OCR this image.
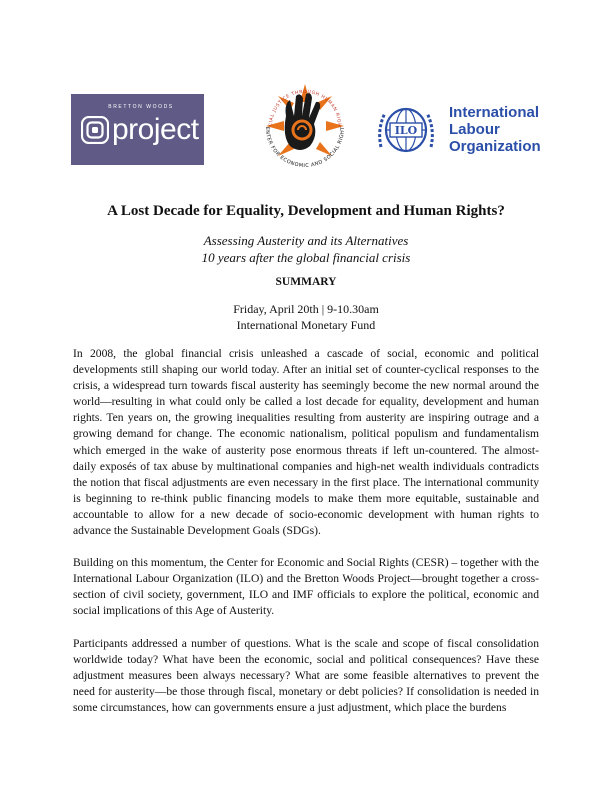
BRETTON WOODS
project	CIAL JUSTICE THROUGH HUMAN RIGH
ENTER FOR ECONOMIC AND SOCIAL RIGHT	ILO
International
Labour
Organization
A Lost Decade for Equality, Development and Human Rights?
Assessing Austerity and its Alternatives
10 years after the global financial crisis
SUMMARY
Friday, April 20th | 9-10.30am
International Monetary Fund

In 2008, the global financial crisis unleashed a cascade of social, economic and political developments still shaping our world today. After an initial set of counter-cyclical responses to the crisis, a widespread turn towards fiscal austerity has seemingly become the new normal around the world—resulting in what could only be called a lost decade for equality, development and human rights. Ten years on, the growing inequalities resulting from austerity are inspiring outrage and a growing demand for change. The economic nationalism, political populism and fundamentalism which emerged in the wake of austerity pose enormous threats if left un-countered. The almost-daily exposés of tax abuse by multinational companies and high-net wealth individuals contradicts the notion that fiscal adjustments are even necessary in the first place. The international community is beginning to re-think public financing models to make them more equitable, sustainable and accountable to allow for a new decade of socio-economic development with human rights to advance the Sustainable Development Goals (SDGs).

Building on this momentum, the Center for Economic and Social Rights (CESR) – together with the International Labour Organization (ILO) and the Bretton Woods Project—brought together a cross-section of civil society, government, ILO and IMF officials to explore the political, economic and social implications of this Age of Austerity.

Participants addressed a number of questions. What is the scale and scope of fiscal consolidation worldwide today? What have been the economic, social and political consequences? Have these adjustment measures been always necessary? What are some feasible alternatives to prevent the need for austerity—be those through fiscal, monetary or debt policies? If consolidation is needed in some circumstances, how can governments ensure a just adjustment, which place the burdens
